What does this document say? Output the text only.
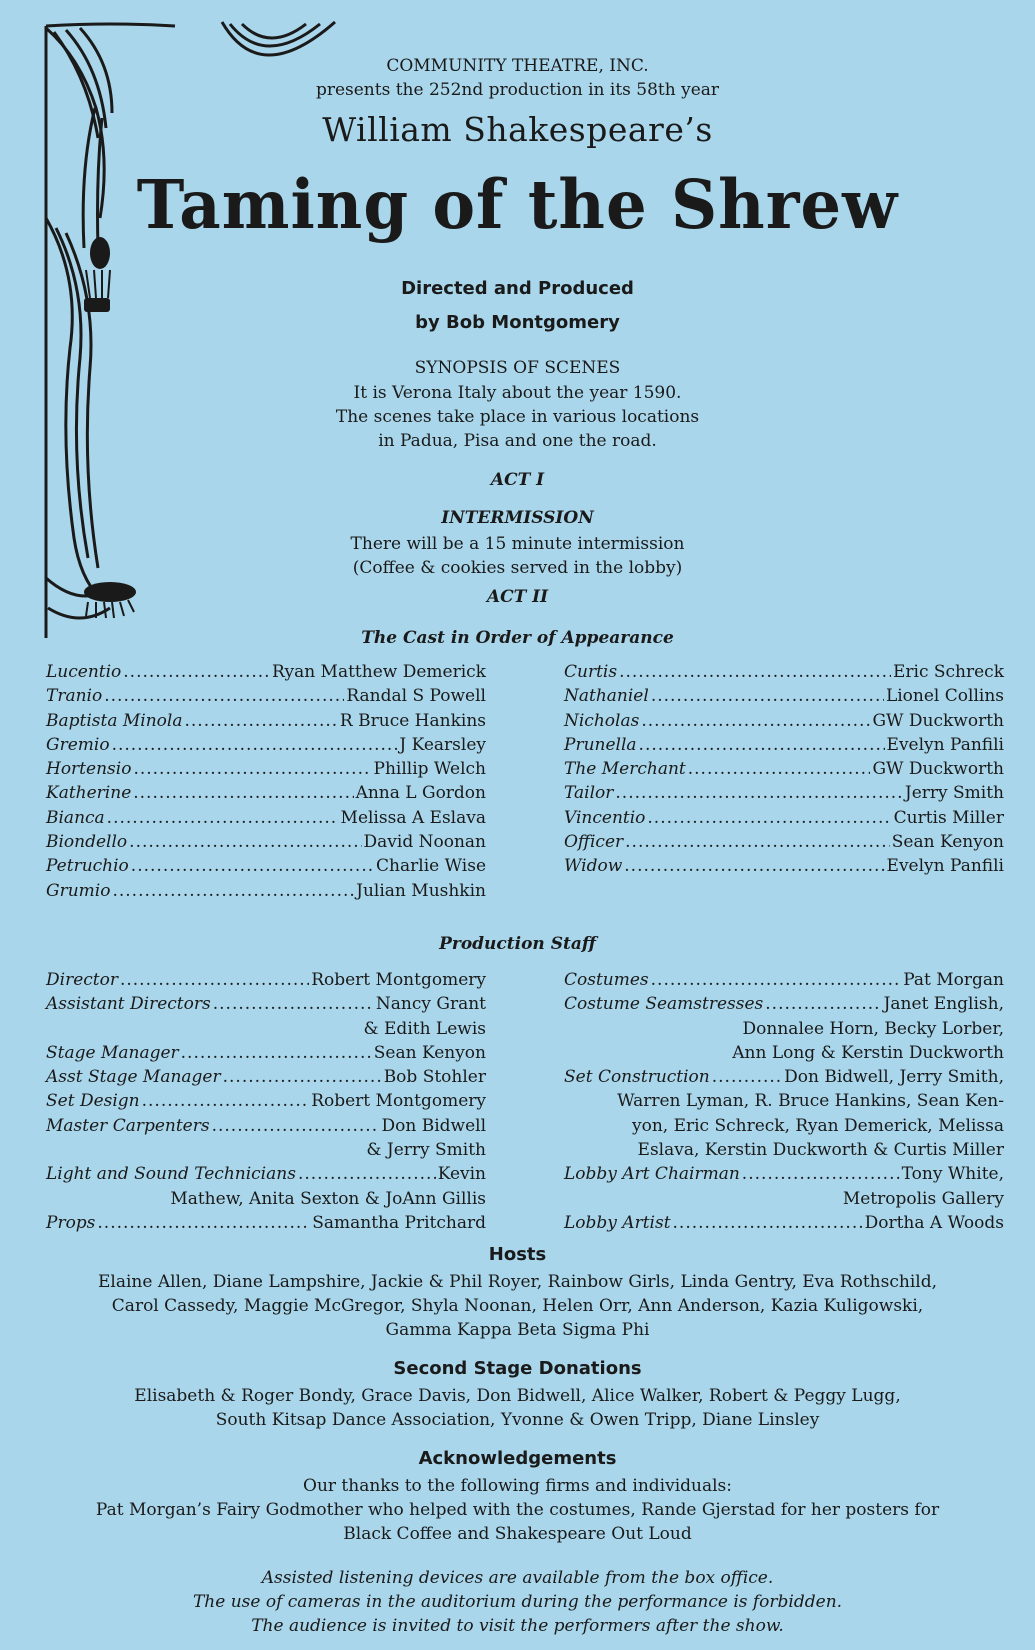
COMMUNITY THEATRE, INC.
presents the 252nd production in its 58th year
William Shakespeare’s
Taming of the Shrew
Directed and Produced
by Bob Montgomery
SYNOPSIS OF SCENES
It is Verona Italy about the year 1590.
The scenes take place in various locations
in Padua, Pisa and one the road.
ACT I
INTERMISSION
There will be a 15 minute intermission
(Coffee & cookies served in the lobby)
ACT II
The Cast in Order of Appearance
Lucentio .....	Ryan Matthew Demerick
Tranio .....	Randal S Powell
Baptista Minola .....	R Bruce Hankins
Gremio .....	J Kearsley
Hortensio .....	Phillip Welch
Katherine .....	Anna L Gordon
Bianca .....	Melissa A Eslava
Biondello .....	David Noonan
Petruchio .....	Charlie Wise
Grumio .....	Julian Mushkin
Curtis .....	Eric Schreck
Nathaniel .....	Lionel Collins
Nicholas .....	GW Duckworth
Prunella .....	Evelyn Panfili
The Merchant .....	GW Duckworth
Tailor .....	Jerry Smith
Vincentio .....	Curtis Miller
Officer .....	Sean Kenyon
Widow .....	Evelyn Panfili
Production Staff
Director .....	Robert Montgomery
Assistant Directors .....	Nancy Grant
& Edith Lewis
Stage Manager .....	Sean Kenyon
Asst Stage Manager .....	Bob Stohler
Set Design .....	Robert Montgomery
Master Carpenters .....	Don Bidwell
& Jerry Smith
Light and Sound Technicians .....	Kevin
Mathew, Anita Sexton & JoAnn Gillis
Props .....	Samantha Pritchard
Costumes .....	Pat Morgan
Costume Seamstresses .....	Janet English,
Donnalee Horn, Becky Lorber,
Ann Long & Kerstin Duckworth
Set Construction .....	Don Bidwell, Jerry Smith,
Warren Lyman, R. Bruce Hankins, Sean Ken-
yon, Eric Schreck, Ryan Demerick, Melissa
Eslava, Kerstin Duckworth & Curtis Miller
Lobby Art Chairman .....	Tony White,
Metropolis Gallery
Lobby Artist .....	Dortha A Woods
Hosts
Elaine Allen, Diane Lampshire, Jackie & Phil Royer, Rainbow Girls, Linda Gentry, Eva Rothschild,
Carol Cassedy, Maggie McGregor, Shyla Noonan, Helen Orr, Ann Anderson, Kazia Kuligowski,
Gamma Kappa Beta Sigma Phi
Second Stage Donations
Elisabeth & Roger Bondy, Grace Davis, Don Bidwell, Alice Walker, Robert & Peggy Lugg,
South Kitsap Dance Association, Yvonne & Owen Tripp, Diane Linsley
Acknowledgements
Our thanks to the following firms and individuals:
Pat Morgan’s Fairy Godmother who helped with the costumes, Rande Gjerstad for her posters for
Black Coffee and Shakespeare Out Loud
Assisted listening devices are available from the box office.
The use of cameras in the auditorium during the performance is forbidden.
The audience is invited to visit the performers after the show.
